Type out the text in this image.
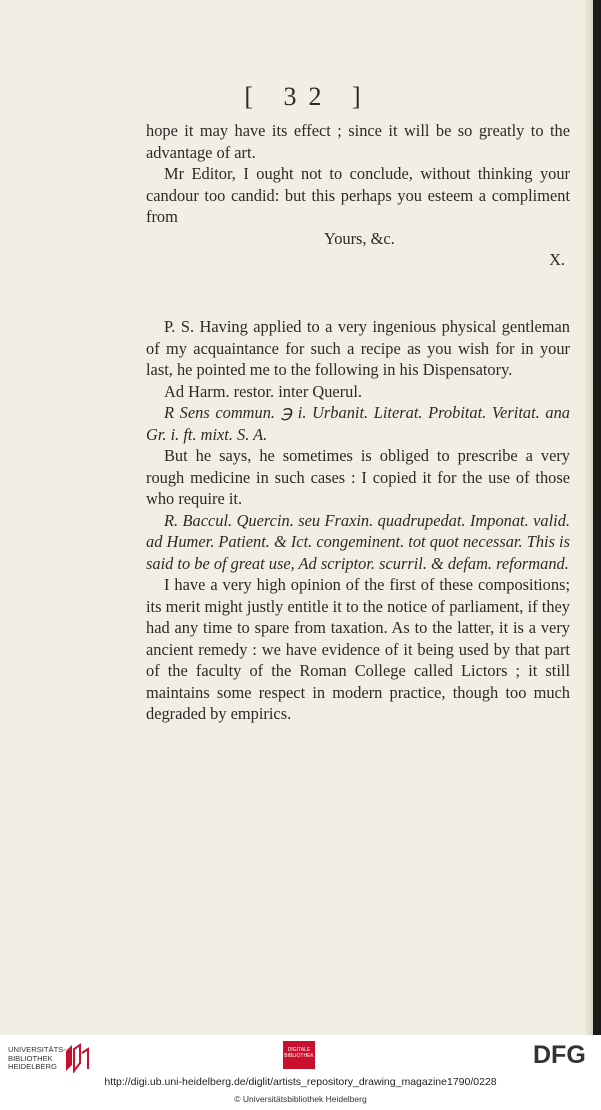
[ 32 ]

hope it may have its effect ; since it will be so greatly to the advantage of art.

Mr Editor, I ought not to conclude, without thinking your candour too candid: but this perhaps you esteem a compliment from

Yours, &c.

X.

P. S. Having applied to a very ingenious physical gentleman of my acquaintance for such a recipe as you wish for in your last, he pointed me to the following in his Dispensatory.

Ad Harm. restor. inter Querul.

R Sens commun. ℈ i. Urbanit. Literat. Probitat. Veritat. ana Gr. i. ft. mixt. S. A.

But he says, he sometimes is obliged to prescribe a very rough medicine in such cases : I copied it for the use of those who require it.

R. Baccul. Quercin. seu Fraxin. quadrupedat. Imponat. valid. ad Humer. Patient. & Ict. congeminent. tot quot necessar. This is said to be of great use, Ad scriptor. scurril. & defam. reformand.

I have a very high opinion of the first of these compositions; its merit might justly entitle it to the notice of parliament, if they had any time to spare from taxation. As to the latter, it is a very ancient remedy : we have evidence of it being used by that part of the faculty of the Roman College called Lictors ; it still maintains some respect in modern practice, though too much degraded by empirics.

UNIVERSITÄTS-
BIBLIOTHEK
HEIDELBERG
DIGITALE BIBLIOTHEK	DFG
http://digi.ub.uni-heidelberg.de/diglit/artists_repository_drawing_magazine1790/0228
© Universitätsbibliothek Heidelberg
